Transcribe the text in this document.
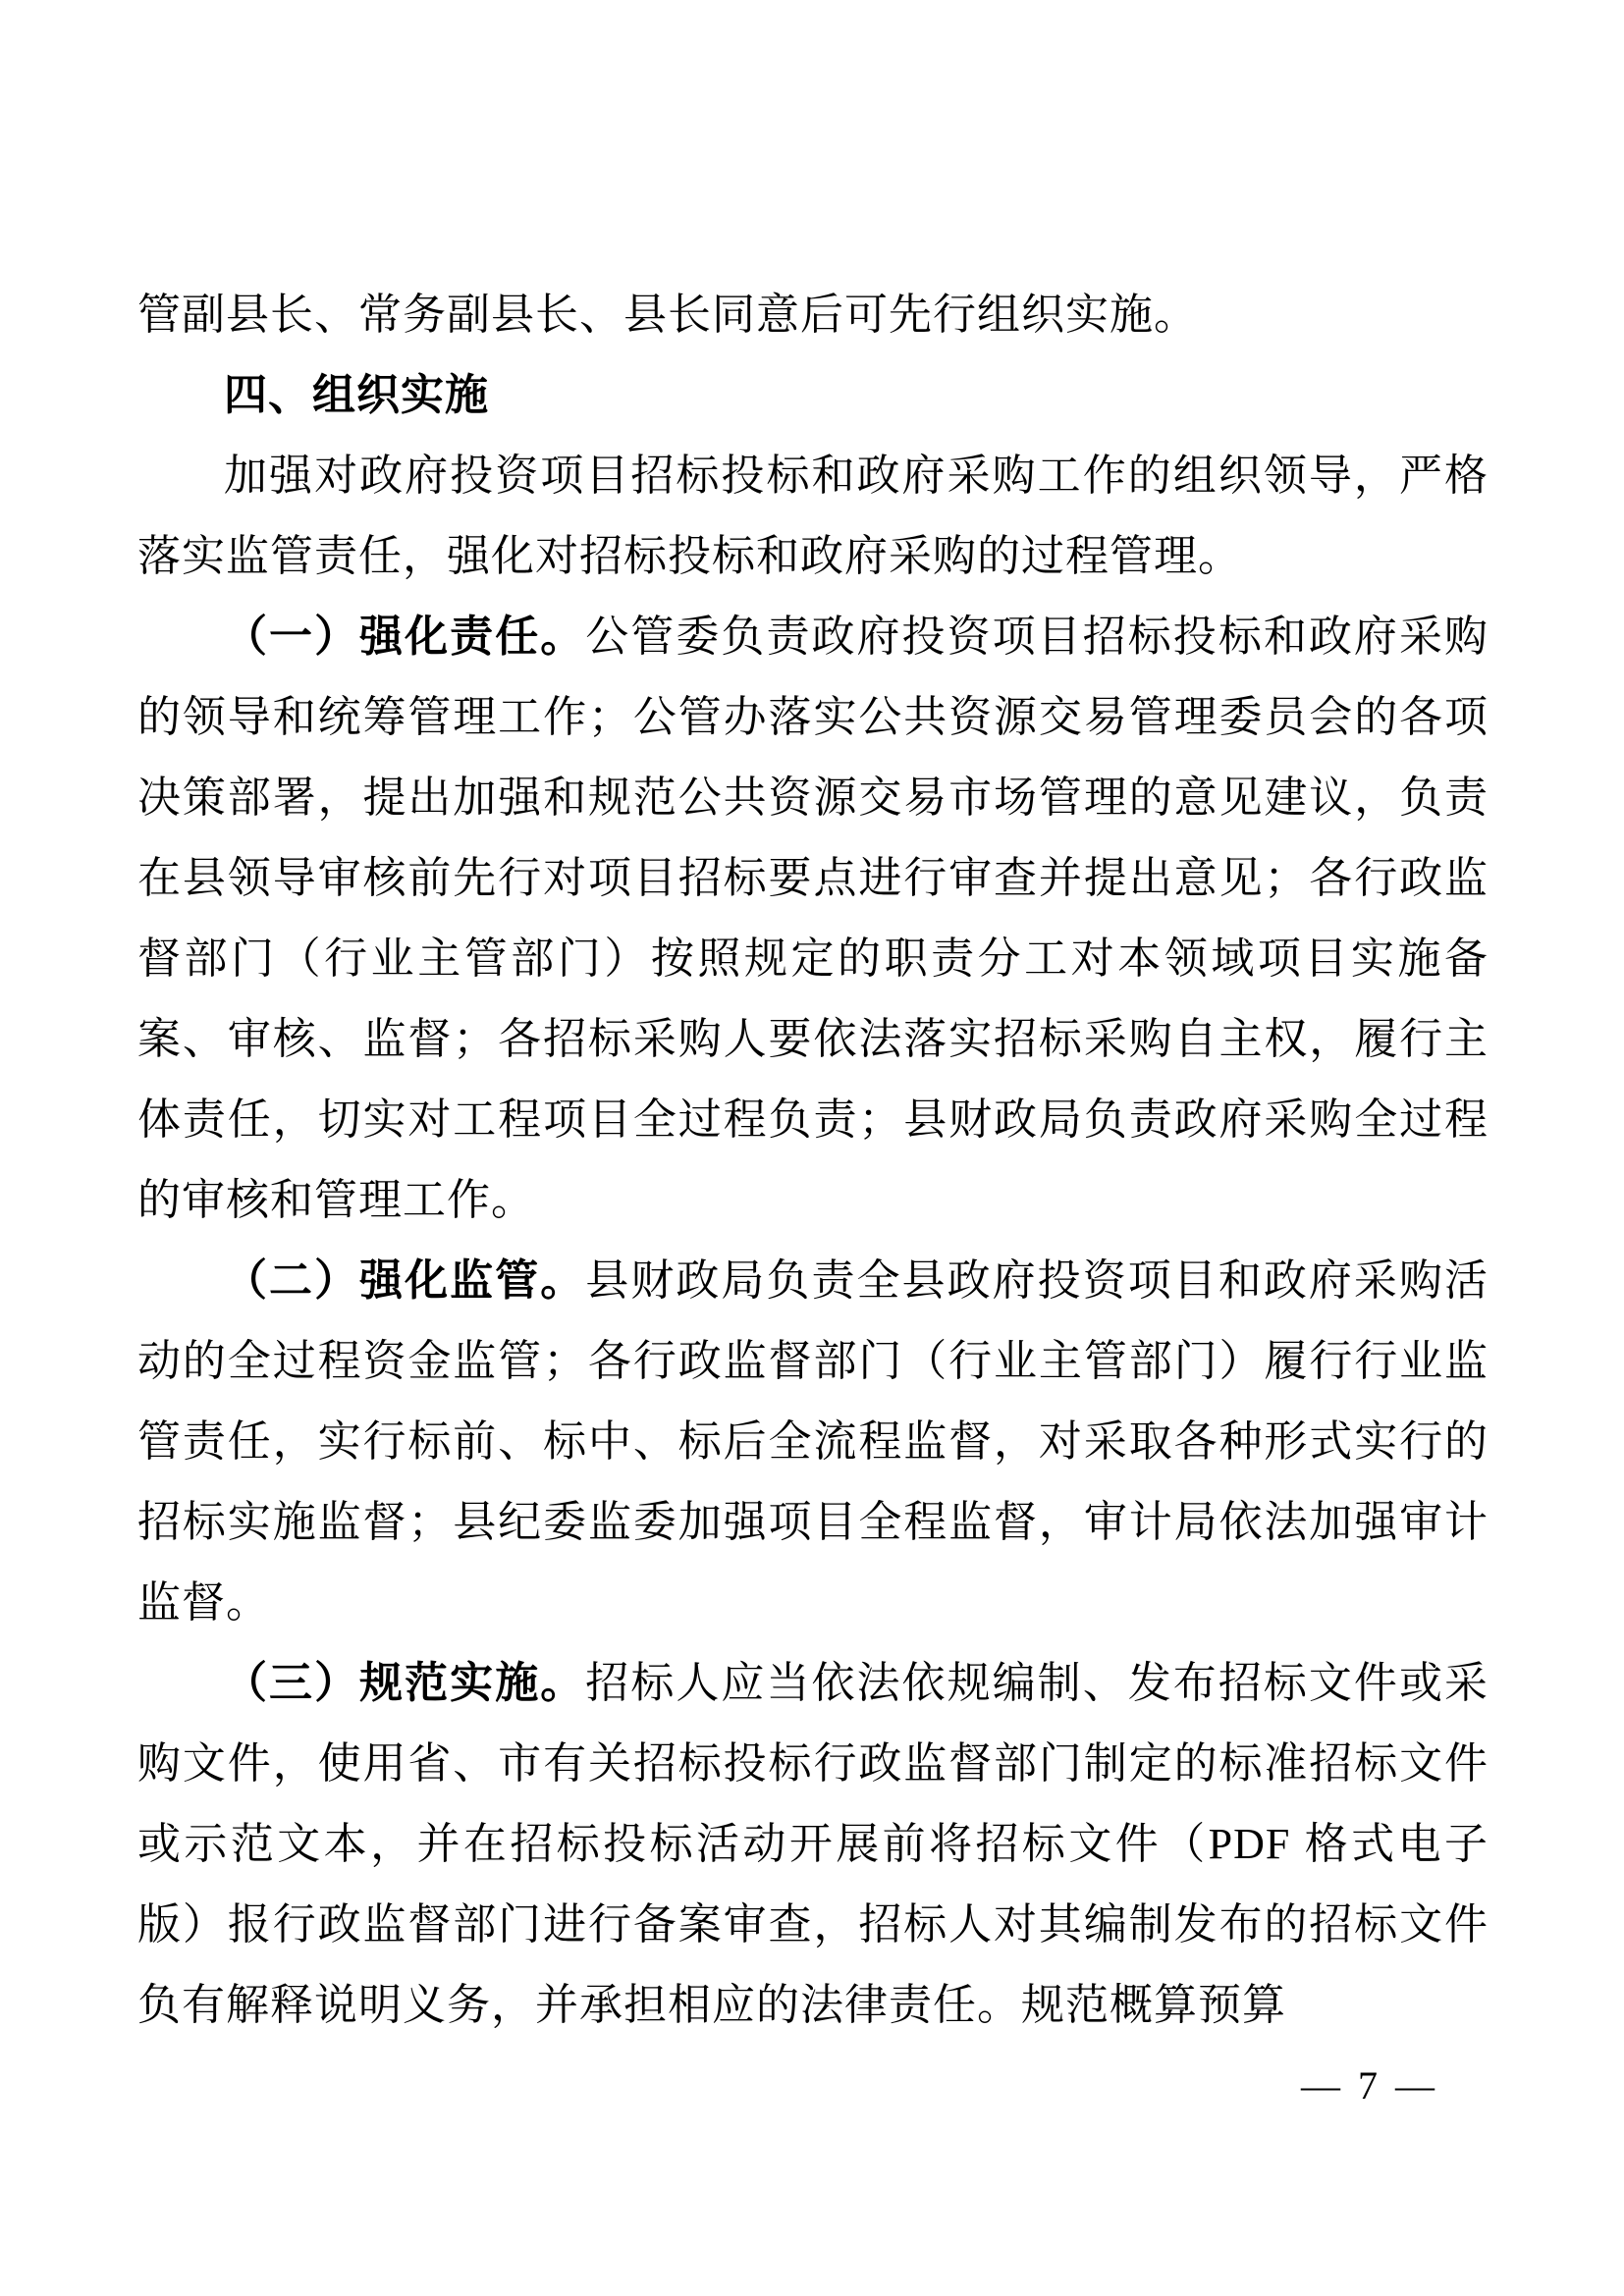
管副县长、常务副县长、县长同意后可先行组织实施。

四、组织实施

加强对政府投资项目招标投标和政府采购工作的组织领导，严格落实监管责任，强化对招标投标和政府采购的过程管理。

（一）强化责任。公管委负责政府投资项目招标投标和政府采购的领导和统筹管理工作；公管办落实公共资源交易管理委员会的各项决策部署，提出加强和规范公共资源交易市场管理的意见建议，负责在县领导审核前先行对项目招标要点进行审查并提出意见；各行政监督部门（行业主管部门）按照规定的职责分工对本领域项目实施备案、审核、监督；各招标采购人要依法落实招标采购自主权，履行主体责任，切实对工程项目全过程负责；县财政局负责政府采购全过程的审核和管理工作。

（二）强化监管。县财政局负责全县政府投资项目和政府采购活动的全过程资金监管；各行政监督部门（行业主管部门）履行行业监管责任，实行标前、标中、标后全流程监督，对采取各种形式实行的招标实施监督；县纪委监委加强项目全程监督，审计局依法加强审计监督。

（三）规范实施。招标人应当依法依规编制、发布招标文件或采购文件，使用省、市有关招标投标行政监督部门制定的标准招标文件或示范文本，并在招标投标活动开展前将招标文件（PDF 格式电子版）报行政监督部门进行备案审查，招标人对其编制发布的招标文件负有解释说明义务，并承担相应的法律责任。规范概算预算

— 7 —
